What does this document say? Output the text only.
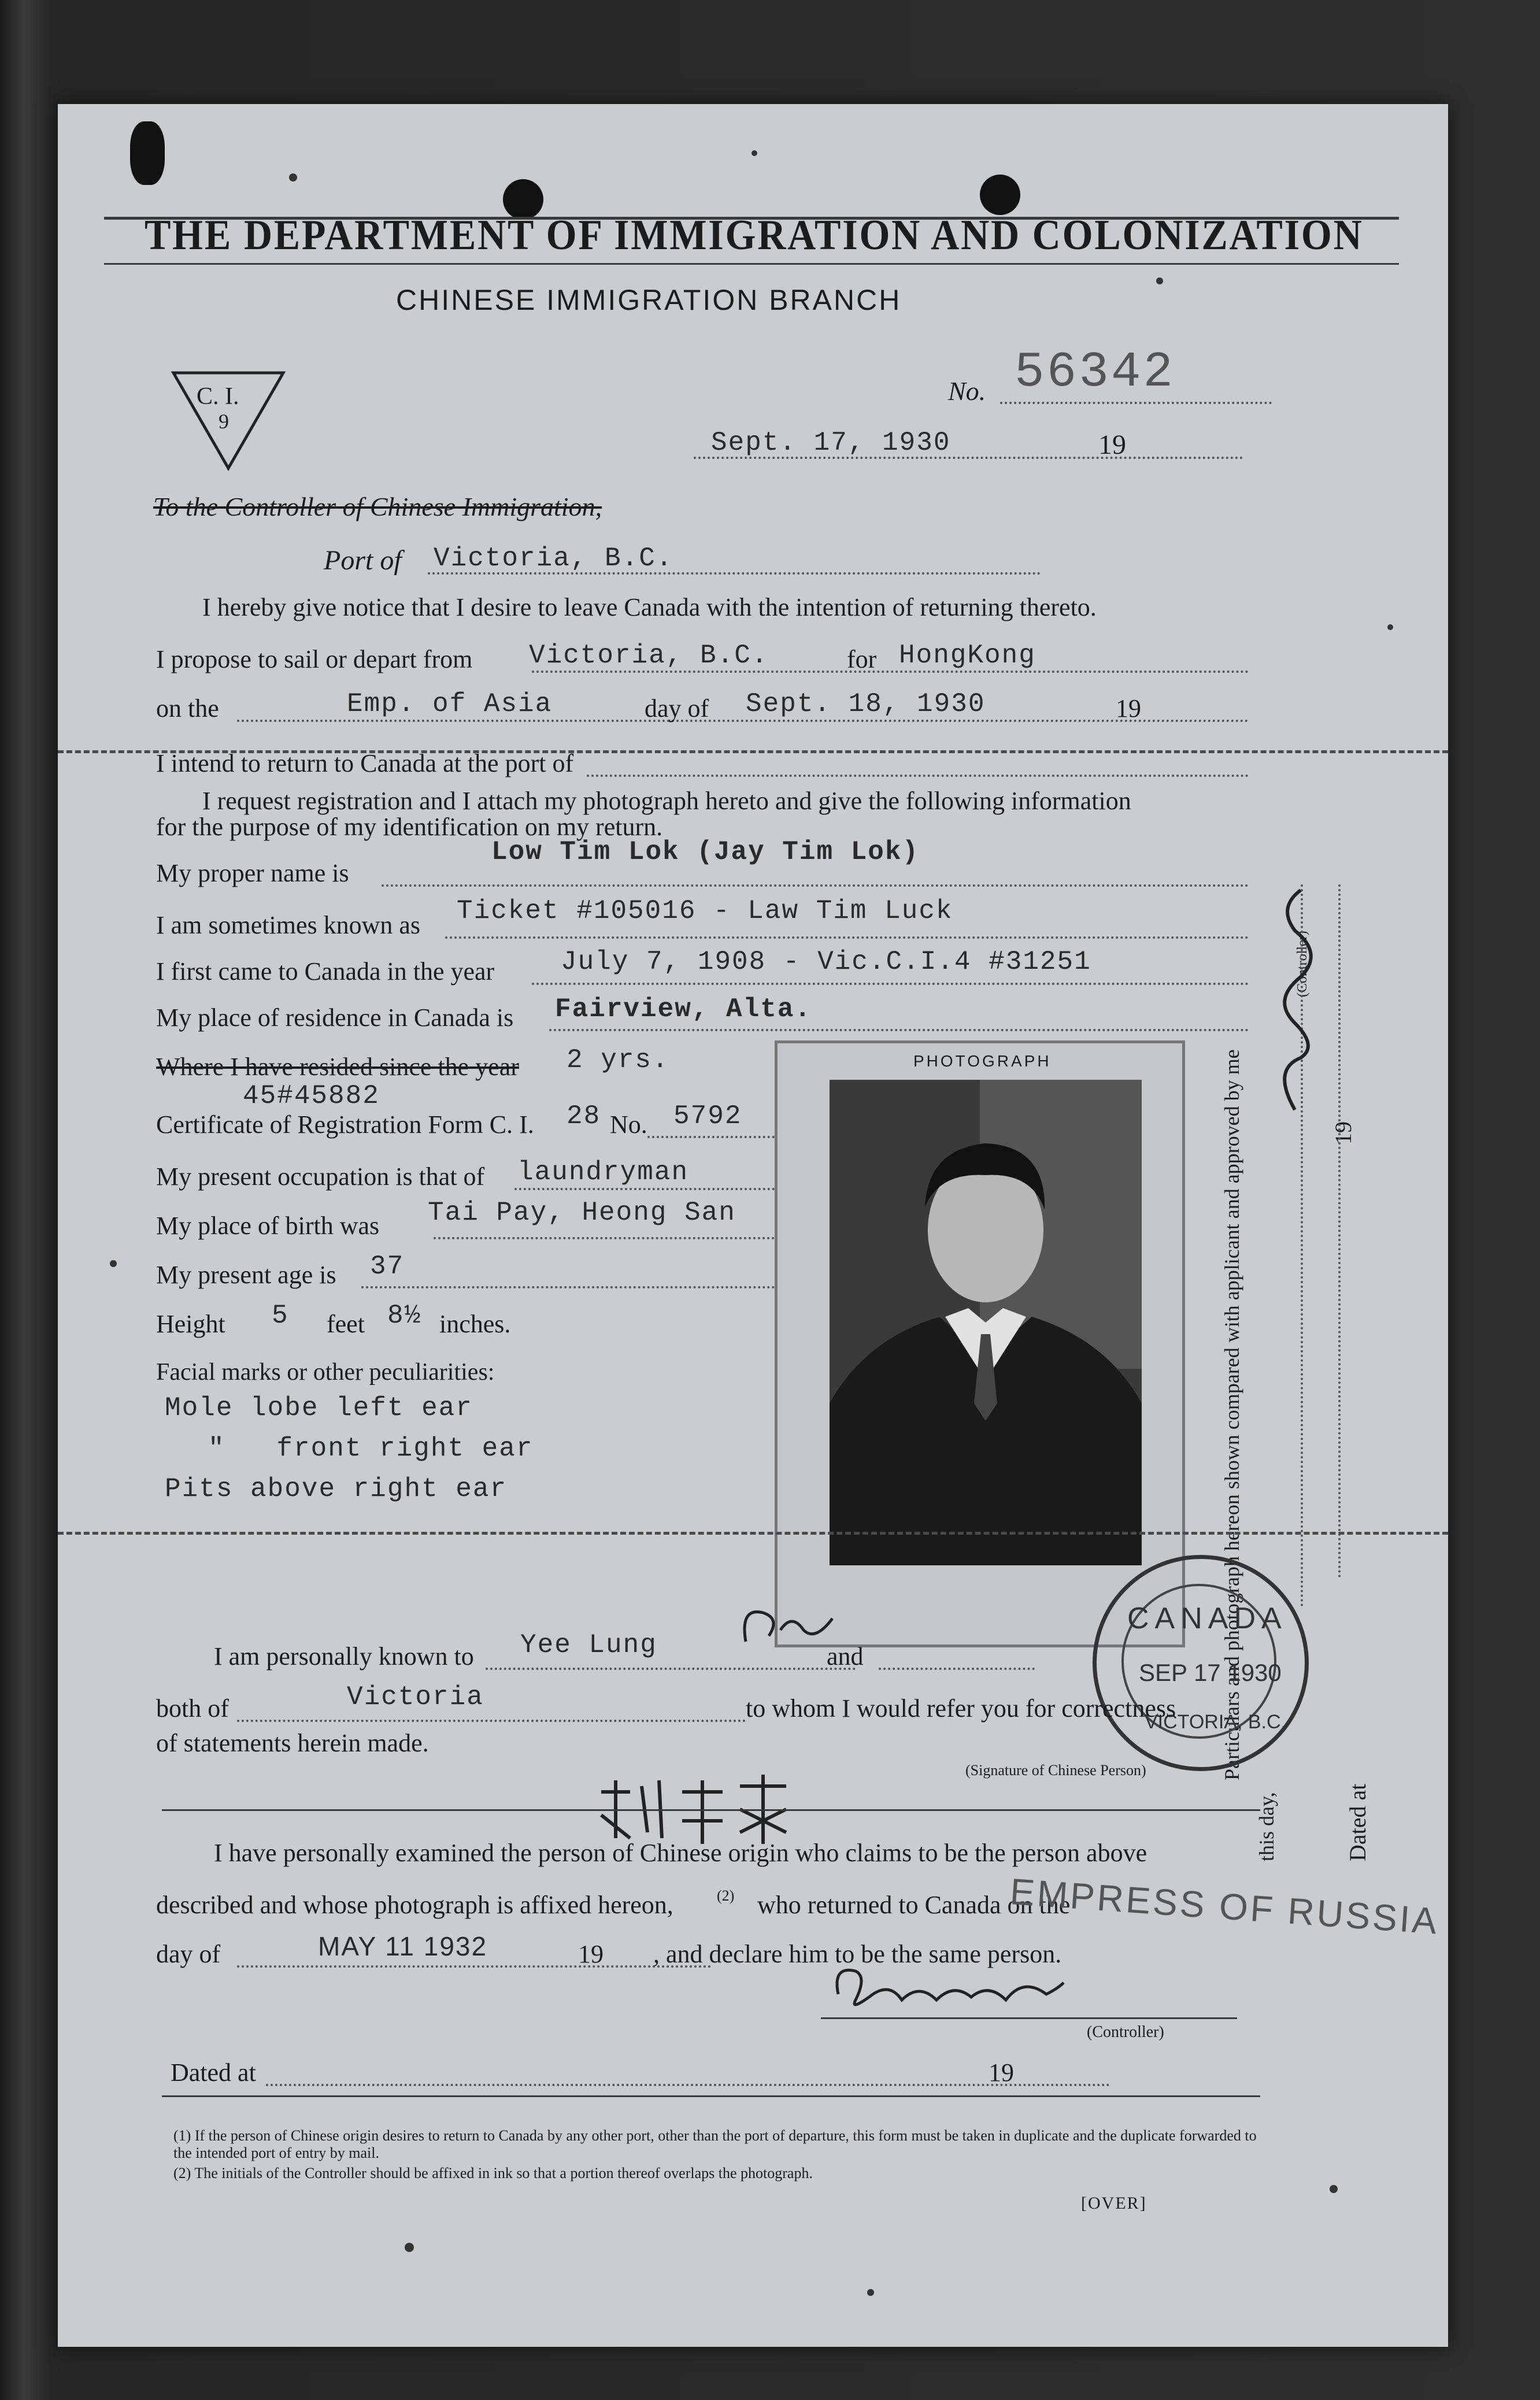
THE DEPARTMENT OF IMMIGRATION AND COLONIZATION
CHINESE IMMIGRATION BRANCH
C. I.
9
No. 56342
Sept. 17, 1930	19
To the Controller of Chinese Immigration,
Port of Victoria, B.C.
I hereby give notice that I desire to leave Canada with the intention of returning thereto.
I propose to sail or depart from Victoria, B.C.	for HongKong
on the	Emp. of Asia	day of Sept. 18, 1930	19
I intend to return to Canada at the port of
I request registration and I attach my photograph hereto and give the following information
for the purpose of my identification on my return.
My proper name is
Low Tim Lok (Jay Tim Lok)
I am sometimes known as Ticket #105016 - Law Tim Luck
I first came to Canada in the year July 7, 1908 - Vic.C.I.4 #31251
My place of residence in Canada is Fairview, Alta.
Where I have resided since the year 2 yrs.
45#45882
Certificate of Registration Form C. I. 28 No. 5792
My present occupation is that of laundryman
My place of birth was Tai Pay, Heong San
My present age is 37
Height 5 feet 8½ inches.
Facial marks or other peculiarities:
Mole lobe left ear
"   front right ear
Pits above right ear
PHOTOGRAPH	Particulars and photograph hereon shown compared with applicant and approved by me
(Controller)
19
this day,	Dated at
CANADA
SEP 17 1930
VICTORIA, B.C.
I am personally known to Yee Lung	and
both of	Victoria	to whom I would refer you for correctness
of statements herein made.
(Signature of Chinese Person)
I have personally examined the person of Chinese origin who claims to be the person above
described and whose photograph is affixed hereon,	(2) who returned to Canada on the
EMPRESS OF RUSSIA
day of	MAY 11 1932	19 , and declare him to be the same person.
(Controller)
Dated at	19
(1) If the person of Chinese origin desires to return to Canada by any other port, other than the port of departure, this form must be taken in duplicate and the duplicate forwarded to the intended port of entry by mail.
(2) The initials of the Controller should be affixed in ink so that a portion thereof overlaps the photograph.
[OVER]
